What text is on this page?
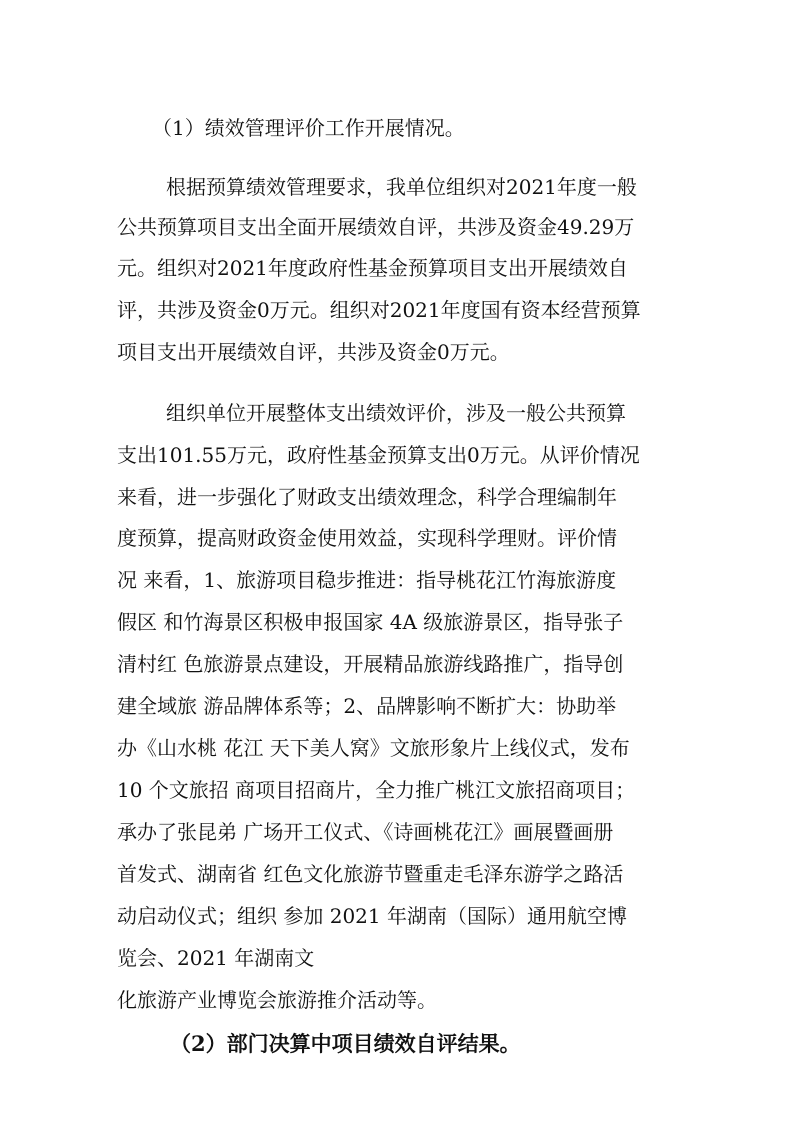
（1）绩效管理评价工作开展情况。
根据预算绩效管理要求，我单位组织对2021年度一般
公共预算项目支出全面开展绩效自评，共涉及资金49.29万
元。组织对2021年度政府性基金预算项目支出开展绩效自
评，共涉及资金0万元。组织对2021年度国有资本经营预算
项目支出开展绩效自评，共涉及资金0万元。
组织单位开展整体支出绩效评价，涉及一般公共预算
支出101.55万元，政府性基金预算支出0万元。从评价情况
来看，进一步强化了财政支出绩效理念，科学合理编制年
度预算，提高财政资金使用效益，实现科学理财。评价情
况 来看，1、旅游项目稳步推进：指导桃花江竹海旅游度
假区 和竹海景区积极申报国家 4A 级旅游景区，指导张子
清村红 色旅游景点建设，开展精品旅游线路推广，指导创
建全域旅 游品牌体系等；2、品牌影响不断扩大：协助举
办《山水桃 花江 天下美人窝》文旅形象片上线仪式，发布
10 个文旅招 商项目招商片，全力推广桃江文旅招商项目；
承办了张昆弟 广场开工仪式、《诗画桃花江》画展暨画册
首发式、湖南省 红色文化旅游节暨重走毛泽东游学之路活
动启动仪式；组织 参加 2021 年湖南（国际）通用航空博
览会、2021 年湖南文
化旅游产业博览会旅游推介活动等。
（2）部门决算中项目绩效自评结果。
